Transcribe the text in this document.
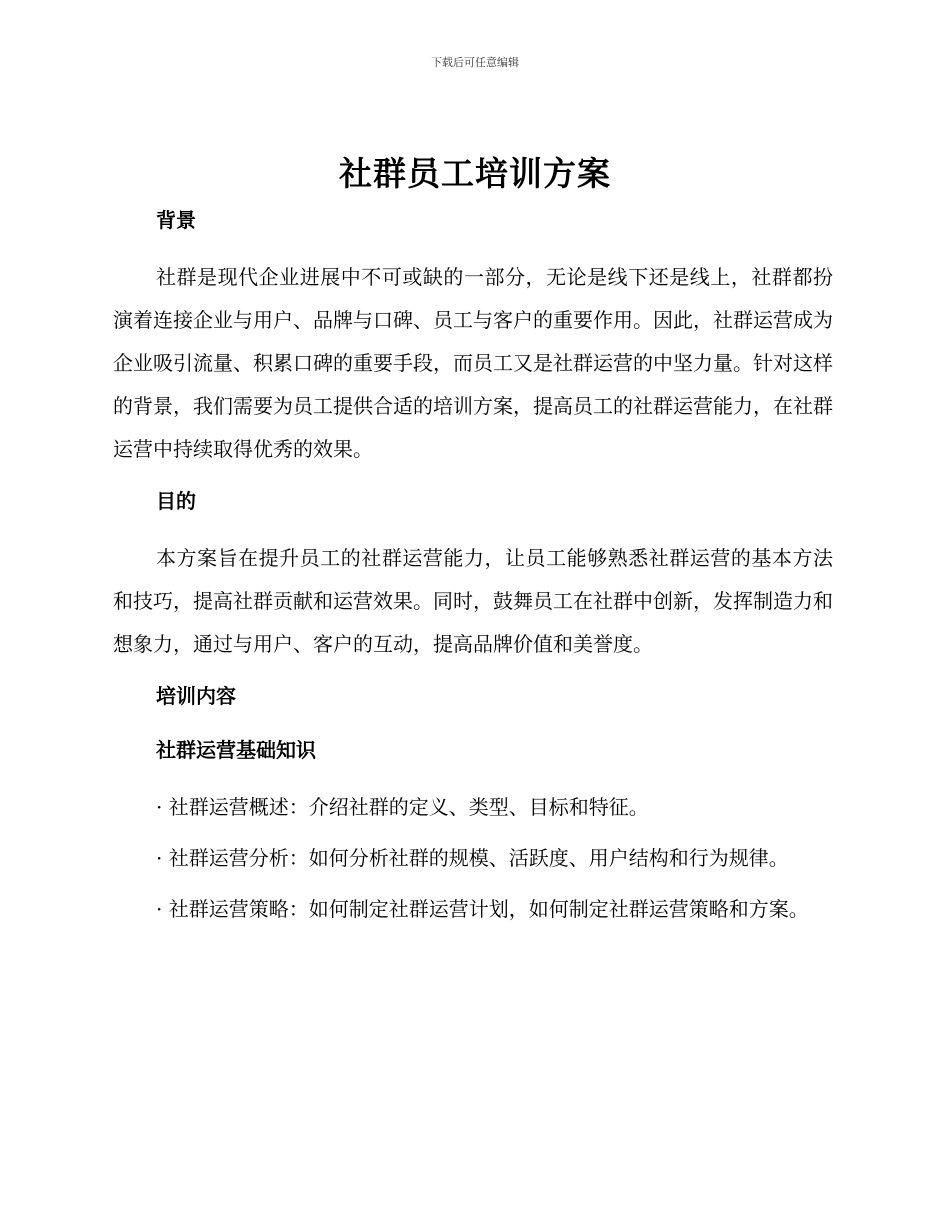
下载后可任意编辑
社群员工培训方案
背景

社群是现代企业进展中不可或缺的一部分，无论是线下还是线上，社群都扮演着连接企业与用户、品牌与口碑、员工与客户的重要作用。因此，社群运营成为企业吸引流量、积累口碑的重要手段，而员工又是社群运营的中坚力量。针对这样的背景，我们需要为员工提供合适的培训方案，提高员工的社群运营能力，在社群运营中持续取得优秀的效果。

目的

本方案旨在提升员工的社群运营能力，让员工能够熟悉社群运营的基本方法和技巧，提高社群贡献和运营效果。同时，鼓舞员工在社群中创新，发挥制造力和想象力，通过与用户、客户的互动，提高品牌价值和美誉度。

培训内容
社群运营基础知识

· 社群运营概述：介绍社群的定义、类型、目标和特征。

· 社群运营分析：如何分析社群的规模、活跃度、用户结构和行为规律。

· 社群运营策略：如何制定社群运营计划，如何制定社群运营策略和方案。
